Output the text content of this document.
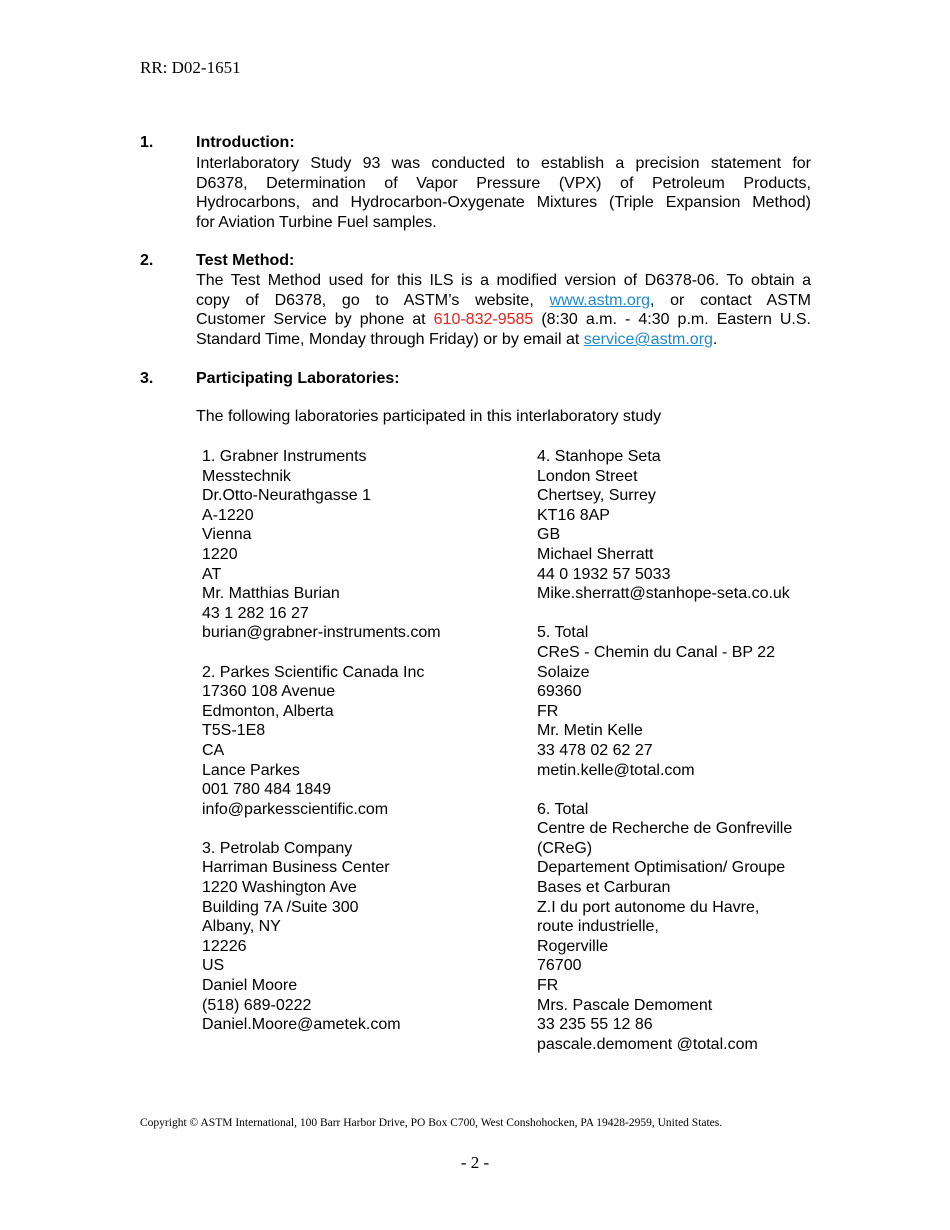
RR: D02-1651
1.	Introduction:
Interlaboratory Study 93 was conducted to establish a precision statement for
D6378, Determination of Vapor Pressure (VPX) of Petroleum Products,
Hydrocarbons, and Hydrocarbon-Oxygenate Mixtures (Triple Expansion Method)
for Aviation Turbine Fuel samples.
2.	Test Method:
The Test Method used for this ILS is a modified version of D6378-06. To obtain a
copy of D6378, go to ASTM’s website, www.astm.org, or contact ASTM
Customer Service by phone at 610-832-9585 (8:30 a.m. - 4:30 p.m. Eastern U.S.
Standard Time, Monday through Friday) or by email at service@astm.org.
3.	Participating Laboratories:
The following laboratories participated in this interlaboratory study
1. Grabner Instruments
Messtechnik
Dr.Otto-Neurathgasse 1
A-1220
Vienna
1220
AT
Mr. Matthias Burian
43 1 282 16 27
burian@grabner-instruments.com
2. Parkes Scientific Canada Inc
17360 108 Avenue
Edmonton, Alberta
T5S-1E8
CA
Lance Parkes
001 780 484 1849
info@parkesscientific.com
3. Petrolab Company
Harriman Business Center
1220 Washington Ave
Building 7A /Suite 300
Albany, NY
12226
US
Daniel Moore
(518) 689-0222
Daniel.Moore@ametek.com
4. Stanhope Seta
London Street
Chertsey, Surrey
KT16 8AP
GB
Michael Sherratt
44 0 1932 57 5033
Mike.sherratt@stanhope-seta.co.uk
5. Total
CReS - Chemin du Canal - BP 22
Solaize
69360
FR
Mr. Metin Kelle
33 478 02 62 27
metin.kelle@total.com
6. Total
Centre de Recherche de Gonfreville
(CReG)
Departement Optimisation/ Groupe
Bases et Carburan
Z.I du port autonome du Havre,
route industrielle,
Rogerville
76700
FR
Mrs. Pascale Demoment
33 235 55 12 86
pascale.demoment @total.com
Copyright © ASTM International, 100 Barr Harbor Drive, PO Box C700, West Conshohocken, PA 19428-2959, United States.
- 2 -
